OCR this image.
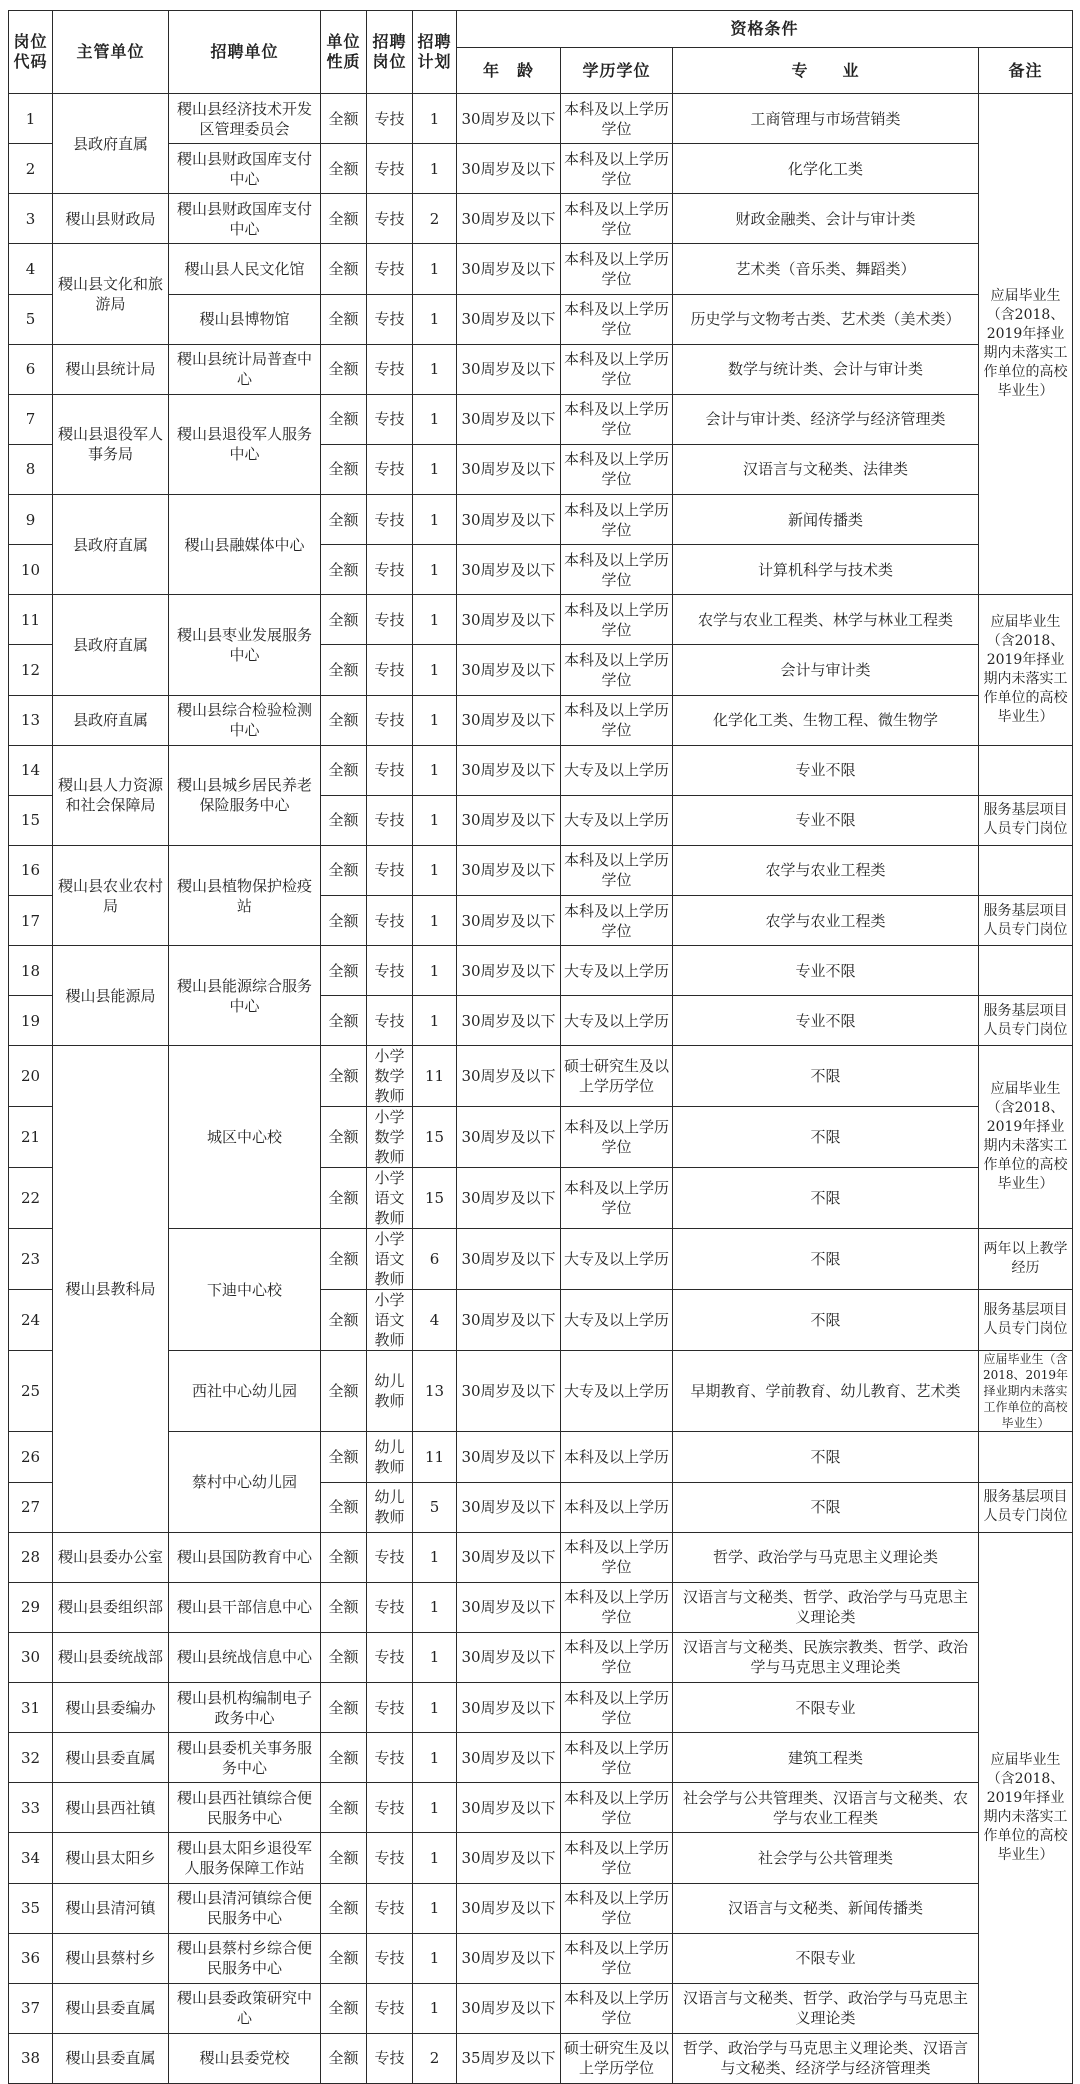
岗位代码	主管单位	招聘单位	单位性质	招聘岗位	招聘计划	资格条件			
						年　龄	学历学位	专　　业	备注
1	县政府直属	稷山县经济技术开发区管理委员会	全额	专技	1	30周岁及以下	本科及以上学历学位	工商管理与市场营销类	应届毕业生（含2018、2019年择业期内未落实工作单位的高校毕业生）
2		稷山县财政国库支付中心	全额	专技	1	30周岁及以下	本科及以上学历学位	化学化工类	
3	稷山县财政局	稷山县财政国库支付中心	全额	专技	2	30周岁及以下	本科及以上学历学位	财政金融类、会计与审计类	
4	稷山县文化和旅游局	稷山县人民文化馆	全额	专技	1	30周岁及以下	本科及以上学历学位	艺术类（音乐类、舞蹈类）	
5		稷山县博物馆	全额	专技	1	30周岁及以下	本科及以上学历学位	历史学与文物考古类、艺术类（美术类）	
6	稷山县统计局	稷山县统计局普查中心	全额	专技	1	30周岁及以下	本科及以上学历学位	数学与统计类、会计与审计类	
7	稷山县退役军人事务局	稷山县退役军人服务中心	全额	专技	1	30周岁及以下	本科及以上学历学位	会计与审计类、经济学与经济管理类	
8			全额	专技	1	30周岁及以下	本科及以上学历学位	汉语言与文秘类、法律类	
9	县政府直属	稷山县融媒体中心	全额	专技	1	30周岁及以下	本科及以上学历学位	新闻传播类	
10			全额	专技	1	30周岁及以下	本科及以上学历学位	计算机科学与技术类	
11	县政府直属	稷山县枣业发展服务中心	全额	专技	1	30周岁及以下	本科及以上学历学位	农学与农业工程类、林学与林业工程类	应届毕业生（含2018、2019年择业期内未落实工作单位的高校毕业生）
12			全额	专技	1	30周岁及以下	本科及以上学历学位	会计与审计类	
13	县政府直属	稷山县综合检验检测中心	全额	专技	1	30周岁及以下	本科及以上学历学位	化学化工类、生物工程、微生物学	
14	稷山县人力资源和社会保障局	稷山县城乡居民养老保险服务中心	全额	专技	1	30周岁及以下	大专及以上学历	专业不限	
15			全额	专技	1	30周岁及以下	大专及以上学历	专业不限	服务基层项目人员专门岗位
16	稷山县农业农村局	稷山县植物保护检疫站	全额	专技	1	30周岁及以下	本科及以上学历学位	农学与农业工程类	
17			全额	专技	1	30周岁及以下	本科及以上学历学位	农学与农业工程类	服务基层项目人员专门岗位
18	稷山县能源局	稷山县能源综合服务中心	全额	专技	1	30周岁及以下	大专及以上学历	专业不限	
19			全额	专技	1	30周岁及以下	大专及以上学历	专业不限	服务基层项目人员专门岗位
20	稷山县教科局	城区中心校	全额	小学数学教师	11	30周岁及以下	硕士研究生及以上学历学位	不限	应届毕业生（含2018、2019年择业期内未落实工作单位的高校毕业生）
21			全额	小学数学教师	15	30周岁及以下	本科及以上学历学位	不限	
22			全额	小学语文教师	15	30周岁及以下	本科及以上学历学位	不限	
23		下迪中心校	全额	小学语文教师	6	30周岁及以下	大专及以上学历	不限	两年以上教学经历
24			全额	小学语文教师	4	30周岁及以下	大专及以上学历	不限	服务基层项目人员专门岗位
25		西社中心幼儿园	全额	幼儿教师	13	30周岁及以下	大专及以上学历	早期教育、学前教育、幼儿教育、艺术类	应届毕业生（含2018、2019年择业期内未落实工作单位的高校毕业生）
26		蔡村中心幼儿园	全额	幼儿教师	11	30周岁及以下	本科及以上学历	不限	
27			全额	幼儿教师	5	30周岁及以下	本科及以上学历	不限	服务基层项目人员专门岗位
28	稷山县委办公室	稷山县国防教育中心	全额	专技	1	30周岁及以下	本科及以上学历学位	哲学、政治学与马克思主义理论类	应届毕业生（含2018、2019年择业期内未落实工作单位的高校毕业生）
29	稷山县委组织部	稷山县干部信息中心	全额	专技	1	30周岁及以下	本科及以上学历学位	汉语言与文秘类、哲学、政治学与马克思主义理论类	
30	稷山县委统战部	稷山县统战信息中心	全额	专技	1	30周岁及以下	本科及以上学历学位	汉语言与文秘类、民族宗教类、哲学、政治学与马克思主义理论类	
31	稷山县委编办	稷山县机构编制电子政务中心	全额	专技	1	30周岁及以下	本科及以上学历学位	不限专业	
32	稷山县委直属	稷山县委机关事务服务中心	全额	专技	1	30周岁及以下	本科及以上学历学位	建筑工程类	
33	稷山县西社镇	稷山县西社镇综合便民服务中心	全额	专技	1	30周岁及以下	本科及以上学历学位	社会学与公共管理类、汉语言与文秘类、农学与农业工程类	
34	稷山县太阳乡	稷山县太阳乡退役军人服务保障工作站	全额	专技	1	30周岁及以下	本科及以上学历学位	社会学与公共管理类	
35	稷山县清河镇	稷山县清河镇综合便民服务中心	全额	专技	1	30周岁及以下	本科及以上学历学位	汉语言与文秘类、新闻传播类	
36	稷山县蔡村乡	稷山县蔡村乡综合便民服务中心	全额	专技	1	30周岁及以下	本科及以上学历学位	不限专业	
37	稷山县委直属	稷山县委政策研究中心	全额	专技	1	30周岁及以下	本科及以上学历学位	汉语言与文秘类、哲学、政治学与马克思主义理论类	
38	稷山县委直属	稷山县委党校	全额	专技	2	35周岁及以下	硕士研究生及以上学历学位	哲学、政治学与马克思主义理论类、汉语言与文秘类、经济学与经济管理类	
